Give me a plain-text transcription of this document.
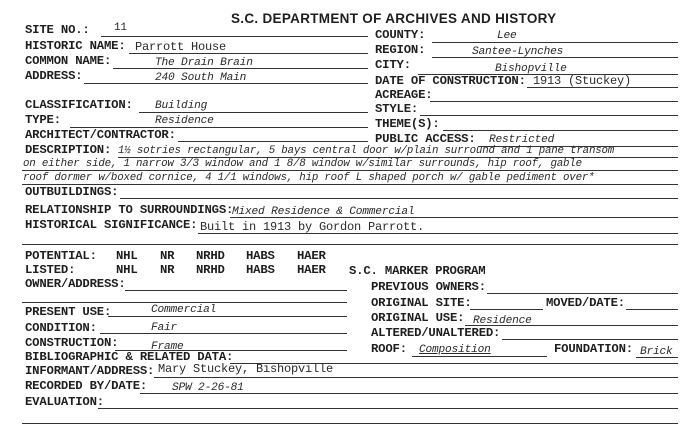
S.C. DEPARTMENT OF ARCHIVES AND HISTORY
SITE NO.: 11
HISTORIC NAME: Parrott House
COMMON NAME:	The Drain Brain
ADDRESS:	240 South Main
CLASSIFICATION: Building
TYPE:	Residence
ARCHITECT/CONTRACTOR:
COUNTY:	Lee
REGION:	Santee-Lynches
CITY:	Bishopville
DATE OF CONSTRUCTION: 1913 (Stuckey)
ACREAGE:
STYLE:
THEME(S):
PUBLIC ACCESS: Restricted
DESCRIPTION: 1½ sotries rectangular, 5 bays central door w/plain surround and 1 pane transom
on either side, 1 narrow 3/3 window and 1 8/8 window w/similar surrounds, hip roof, gable
roof dormer w/boxed cornice, 4 1/1 windows, hip roof L shaped porch w/ gable pediment over*
OUTBUILDINGS:
RELATIONSHIP TO SURROUNDINGS:
Mixed Residence & Commercial
HISTORICAL SIGNIFICANCE: Built in 1913 by Gordon Parrott.
POTENTIAL: NHL NR NRHD HABS HAER
LISTED:	NHL NR NRHD HABS HAER S.C. MARKER PROGRAM
OWNER/ADDRESS:	PREVIOUS OWNERS:
ORIGINAL SITE:	MOVED/DATE:
PRESENT USE:	Commercial
ORIGINAL USE: Residence
CONDITION:	Fair	ALTERED/UNALTERED:
CONSTRUCTION:	Frame	ROOF: Composition	FOUNDATION: Brick
BIBLIOGRAPHIC & RELATED DATA:
INFORMANT/ADDRESS: Mary Stuckey, Bishopville
RECORDED BY/DATE: SPW 2-26-81
EVALUATION:
